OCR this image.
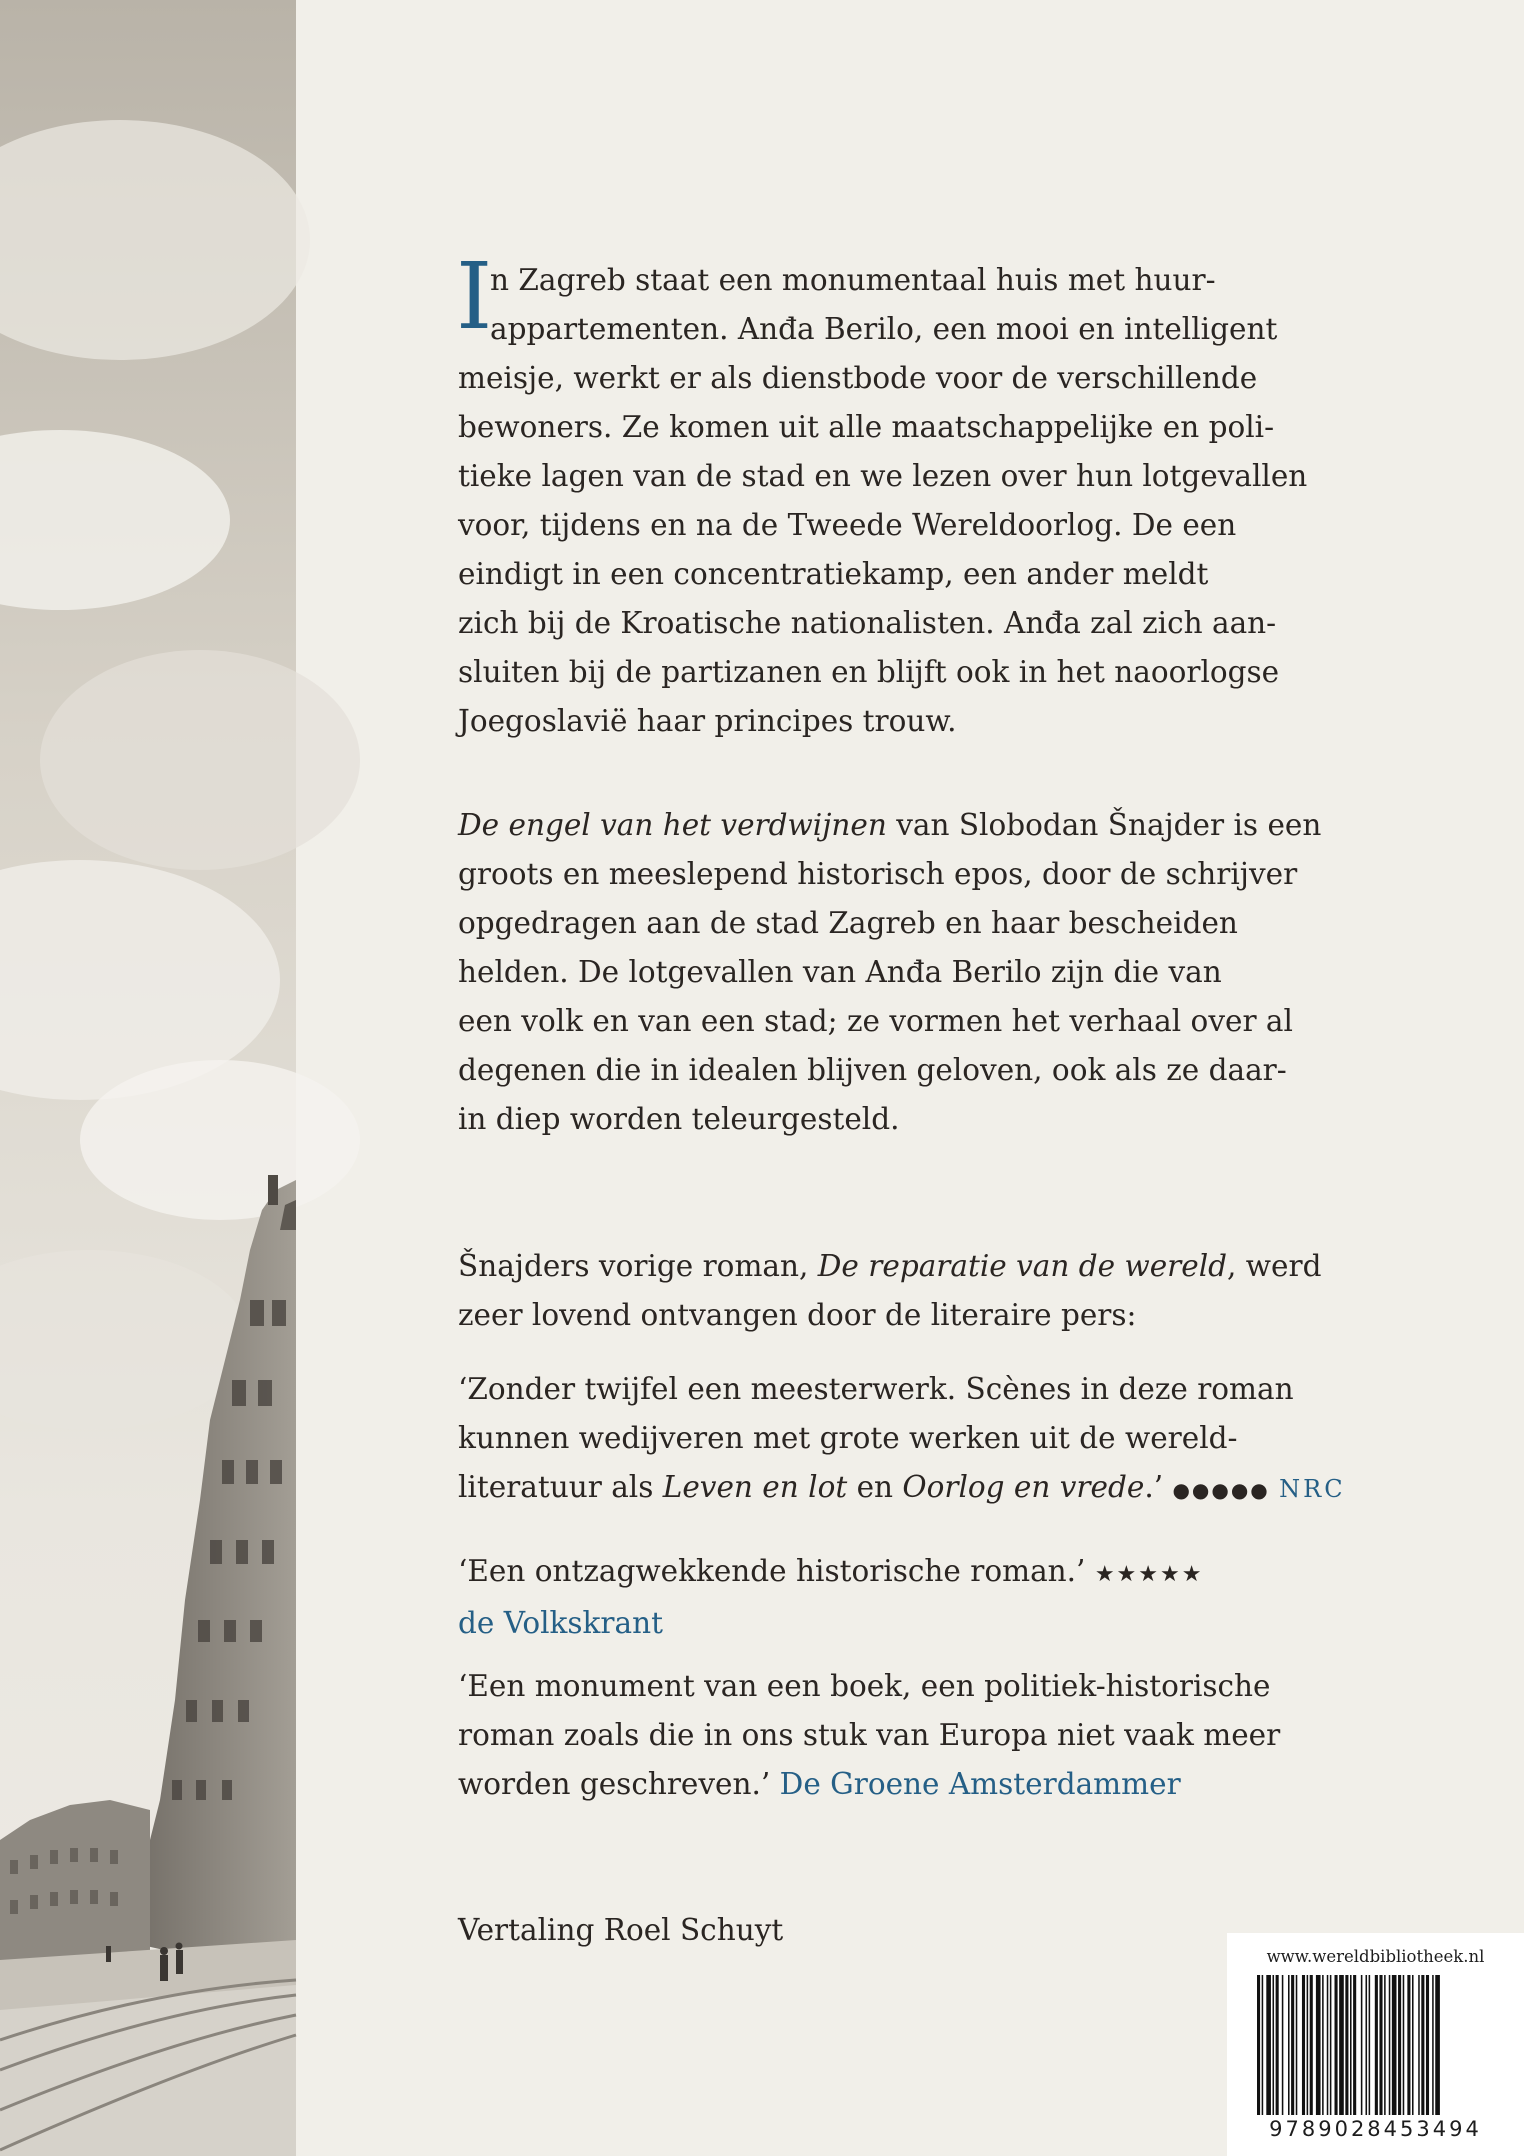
I
n Zagreb staat een monumentaal huis met huur-
appartementen. Anđa Berilo, een mooi en intelligent
meisje, werkt er als dienstbode voor de verschillende
bewoners. Ze komen uit alle maatschappelijke en poli-
tieke lagen van de stad en we lezen over hun lotgevallen
voor, tijdens en na de Tweede Wereldoorlog. De een
eindigt in een concentratiekamp, een ander meldt
zich bij de Kroatische nationalisten. Anđa zal zich aan-
sluiten bij de partizanen en blijft ook in het naoorlogse
Joegoslavië haar principes trouw.

De engel van het verdwijnen van Slobodan Šnajder is een
groots en meeslepend historisch epos, door de schrijver
opgedragen aan de stad Zagreb en haar bescheiden
helden. De lotgevallen van Anđa Berilo zijn die van
een volk en van een stad; ze vormen het verhaal over al
degenen die in idealen blijven geloven, ook als ze daar-
in diep worden teleurgesteld.

Šnajders vorige roman, De reparatie van de wereld, werd
zeer lovend ontvangen door de literaire pers:

‘Zonder twijfel een meesterwerk. Scènes in deze roman
kunnen wedijveren met grote werken uit de wereld-
literatuur als Leven en lot en Oorlog en vrede.’ ●●●●● NRC

‘Een ontzagwekkende historische roman.’ ★★★★★
de Volkskrant

‘Een monument van een boek, een politiek-historische
roman zoals die in ons stuk van Europa niet vaak meer
worden geschreven.’ De Groene Amsterdammer

Vertaling Roel Schuyt

www.wereldbibliotheek.nl
9789028453494
